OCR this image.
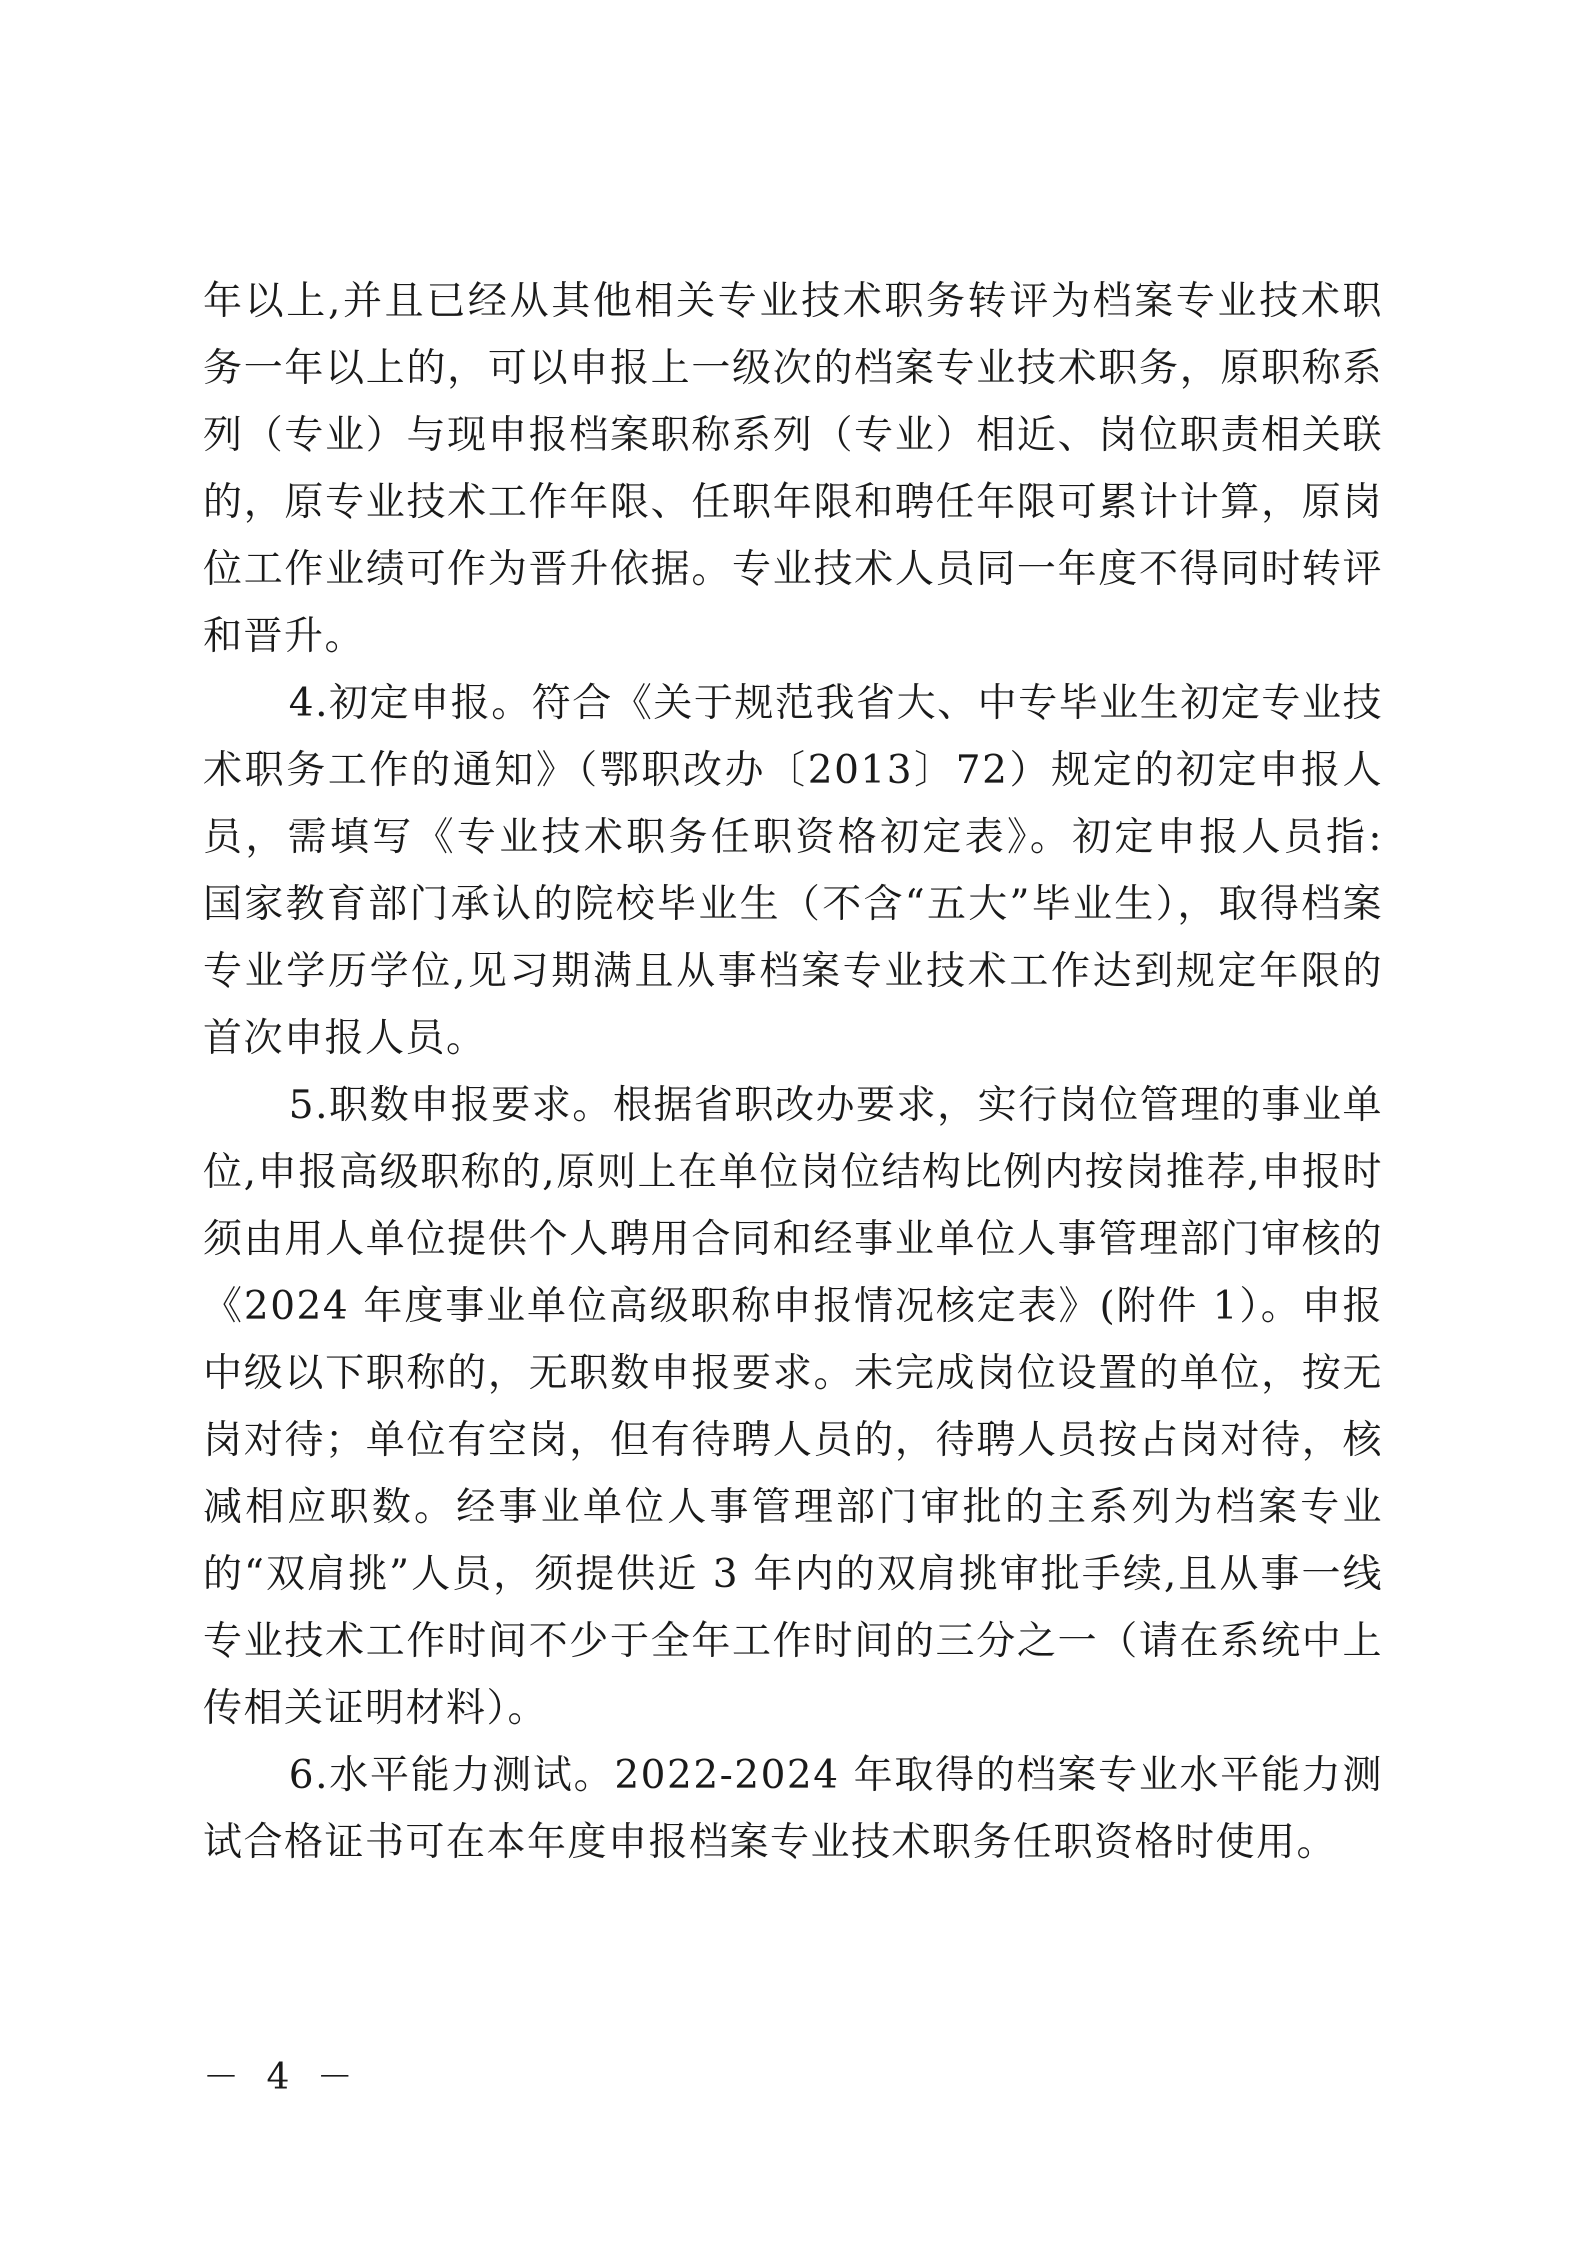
年以上,并且已经从其他相关专业技术职务转评为档案专业技术职务一年以上的，可以申报上一级次的档案专业技术职务，原职称系列（专业）与现申报档案职称系列（专业）相近、岗位职责相关联的，原专业技术工作年限、任职年限和聘任年限可累计计算，原岗位工作业绩可作为晋升依据。专业技术人员同一年度不得同时转评和晋升。

4.初定申报。符合《关于规范我省大、中专毕业生初定专业技术职务工作的通知》（鄂职改办〔2013〕72）规定的初定申报人员，需填写《专业技术职务任职资格初定表》。初定申报人员指: 国家教育部门承认的院校毕业生（不含“五大”毕业生），取得档案专业学历学位,见习期满且从事档案专业技术工作达到规定年限的首次申报人员。

5.职数申报要求。根据省职改办要求，实行岗位管理的事业单位,申报高级职称的,原则上在单位岗位结构比例内按岗推荐,申报时须由用人单位提供个人聘用合同和经事业单位人事管理部门审核的《2024 年度事业单位高级职称申报情况核定表》(附件 1）。申报中级以下职称的，无职数申报要求。未完成岗位设置的单位，按无岗对待；单位有空岗，但有待聘人员的，待聘人员按占岗对待，核减相应职数。经事业单位人事管理部门审批的主系列为档案专业的“双肩挑”人员，须提供近 3 年内的双肩挑审批手续,且从事一线专业技术工作时间不少于全年工作时间的三分之一（请在系统中上传相关证明材料）。

6.水平能力测试。2022-2024 年取得的档案专业水平能力测试合格证书可在本年度申报档案专业技术职务任职资格时使用。

－ 4 －
